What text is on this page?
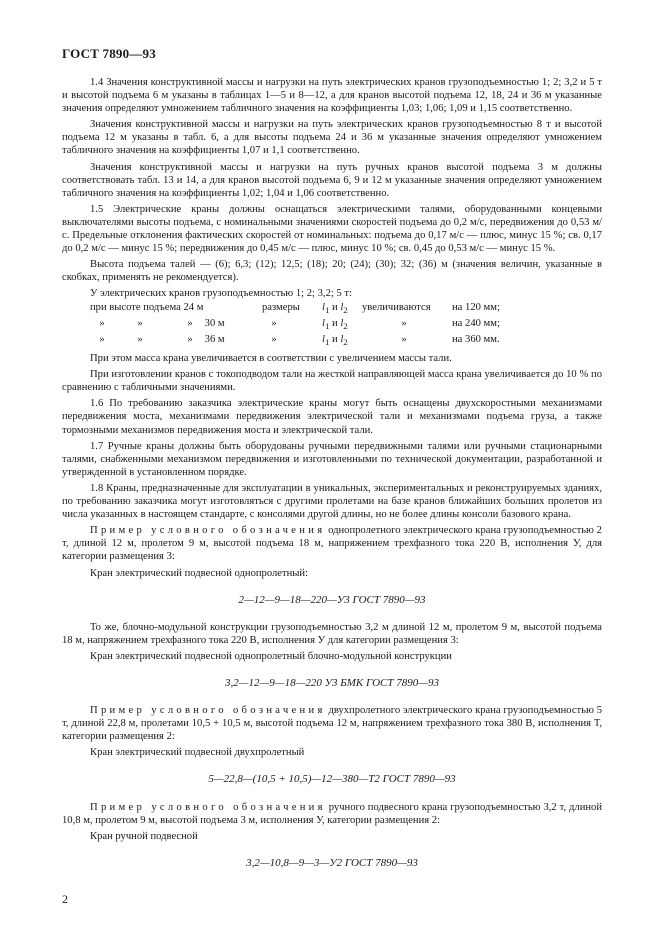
ГОСТ 7890—93

1.4 Значения конструктивной массы и нагрузки на путь электрических кранов грузоподъемностью 1; 2; 3,2 и 5 т и высотой подъема 6 м указаны в таблицах 1—5 и 8—12, а для кранов высотой подъема 12, 18, 24 и 36 м указанные значения определяют умножением табличного значения на коэффициенты 1,03; 1,06; 1,09 и 1,15 соответственно.

Значения конструктивной массы и нагрузки на путь электрических кранов грузоподъемностью 8 т и высотой подъема 12 м указаны в табл. 6, а для высоты подъема 24 и 36 м указанные значения определяют умножением табличного значения на коэффициенты 1,07 и 1,1 соответственно.

Значения конструктивной массы и нагрузки на путь ручных кранов высотой подъема 3 м должны соответствовать табл. 13 и 14, а для кранов высотой подъема 6, 9 и 12 м указанные значения определяют умножением табличного значения на коэффициенты 1,02; 1,04 и 1,06 соответственно.

1.5 Электрические краны должны оснащаться электрическими талями, оборудованными концевыми выключателями высоты подъема, с номинальными значениями скоростей подъема до 0,2 м/с, передвижения до 0,53 м/с. Предельные отклонения фактических скоростей от номинальных: подъема до 0,17 м/с — плюс, минус 15 %; св. 0,17 до 0,2 м/с — минус 15 %; передвижения до 0,45 м/с — плюс, минус 10 %; св. 0,45 до 0,53 м/с — минус 15 %.

Высота подъема талей — (6); 6,3; (12); 12,5; (18); 20; (24); (30); 32; (36) м (значения величин, указанные в скобках, применять не рекомендуется).

У электрических кранов грузоподъемностью 1; 2; 3,2; 5 т:

при высоте подъема 24 м	размеры	$l_1$ и $l_2$	увеличиваются	на 120 мм;
»	»	» 30 м	»	$l_1$ и $l_2$	»	на 240 мм;
»	»	» 36 м	»	$l_1$ и $l_2$	»	на 360 мм.

При этом масса крана увеличивается в соответствии с увеличением массы тали.

При изготовлении кранов с токоподводом тали на жесткой направляющей масса крана увеличивается до 10 % по сравнению с табличными значениями.

1.6 По требованию заказчика электрические краны могут быть оснащены двухскоростными механизмами передвижения моста, механизмами передвижения электрической тали и механизмами подъема груза, а также тормозными механизмов передвижения моста и электрической тали.

1.7 Ручные краны должны быть оборудованы ручными передвижными талями или ручными стационарными талями, снабженными механизмом передвижения и изготовленными по технической документации, разработанной и утвержденной в установленном порядке.

1.8 Краны, предназначенные для эксплуатации в уникальных, экспериментальных и реконструируемых зданиях, по требованию заказчика могут изготовляться с другими пролетами на базе кранов ближайших больших пролетов из числа указанных в настоящем стандарте, с консолями другой длины, но не более длины консоли базового крана.

Пример условного обозначения однопролетного электрического крана грузоподъемностью 2 т, длиной 12 м, пролетом 9 м, высотой подъема 18 м, напряжением трехфазного тока 220 В, исполнения У, для категории размещения 3:

Кран электрический подвесной однопролетный:

2—12—9—18—220—У3 ГОСТ 7890—93

То же, блочно-модульной конструкции грузоподъемностью 3,2 м длиной 12 м, пролетом 9 м, высотой подъема 18 м, напряжением трехфазного тока 220 В, исполнения У для категории размещения 3:

Кран электрический подвесной однопролетный блочно-модульной конструкции

3,2—12—9—18—220 У3 БМК ГОСТ 7890—93

Пример условного обозначения двухпролетного электрического крана грузоподъемностью 5 т, длиной 22,8 м, пролетами 10,5 + 10,5 м, высотой подъема 12 м, напряжением трехфазного тока 380 В, исполнения Т, категории размещения 2:

Кран электрический подвесной двухпролетный

5—22,8—(10,5 + 10,5)—12—380—Т2 ГОСТ 7890—93

Пример условного обозначения ручного подвесного крана грузоподъемностью 3,2 т, длиной 10,8 м, пролетом 9 м, высотой подъема 3 м, исполнения У, категории размещения 2:

Кран ручной подвесной

3,2—10,8—9—3—У2 ГОСТ 7890—93

2
